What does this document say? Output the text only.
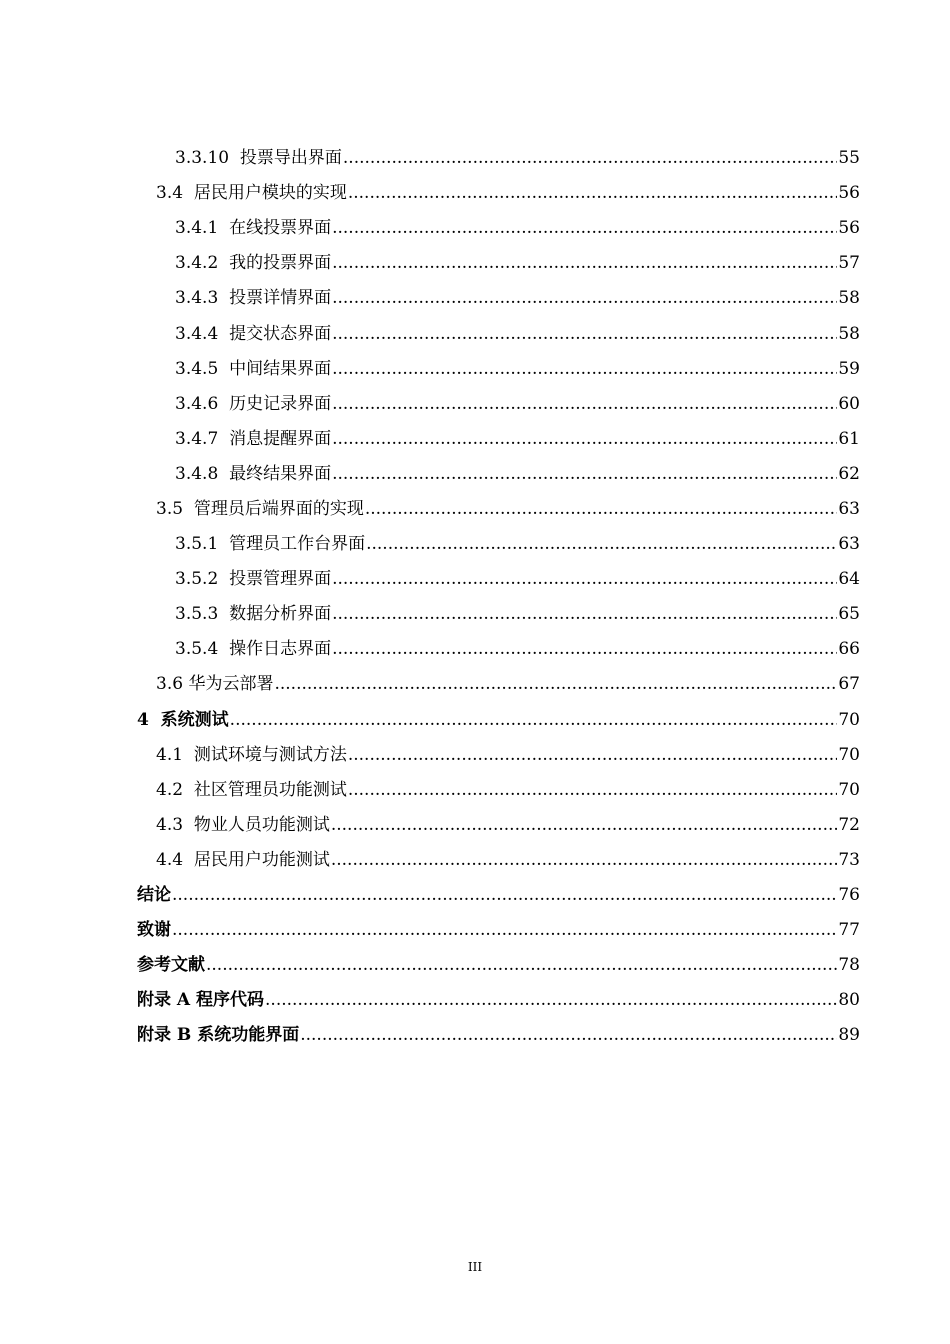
3.3.10 投票导出界面 .....	55
3.4 居民用户模块的实现 .....	56
3.4.1 在线投票界面 .....	56
3.4.2 我的投票界面 .....	57
3.4.3 投票详情界面 .....	58
3.4.4 提交状态界面 .....	58
3.4.5 中间结果界面 .....	59
3.4.6 历史记录界面 .....	60
3.4.7 消息提醒界面 .....	61
3.4.8 最终结果界面 .....	62
3.5 管理员后端界面的实现 .....	63
3.5.1 管理员工作台界面 .....	63
3.5.2 投票管理界面 .....	64
3.5.3 数据分析界面 .....	65
3.5.4 操作日志界面 .....	66
3.6 华为云部署 .....	67
4 系统测试 .....	70
4.1 测试环境与测试方法 .....	70
4.2 社区管理员功能测试 .....	70
4.3 物业人员功能测试 .....	72
4.4 居民用户功能测试 .....	73
结论 .....	76
致谢 .....	77
参考文献 .....	78
附录 A 程序代码 .....	80
附录 B 系统功能界面 .....	89
III
